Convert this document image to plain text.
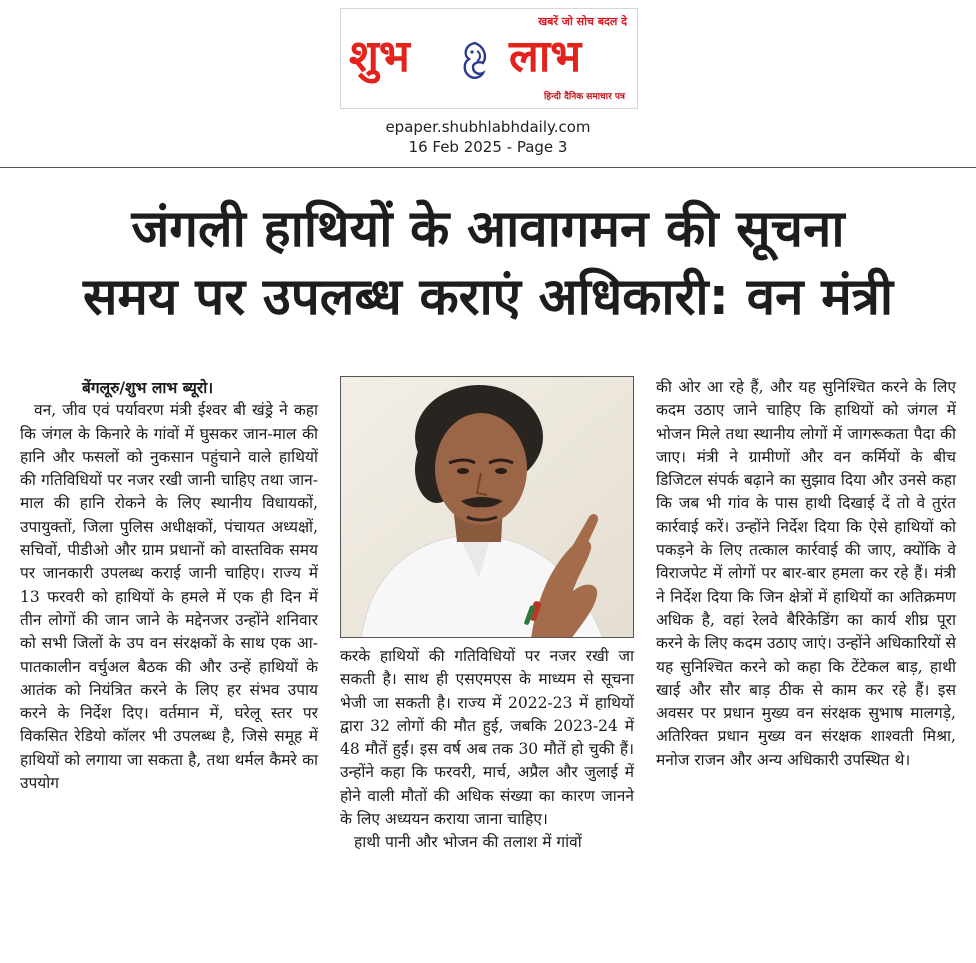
खबरें जो सोच बदल दे
शुभ लाभ
हिन्दी दैनिक समाचार पत्र
epaper.shubhlabhdaily.com
16 Feb 2025 - Page 3
जंगली हाथियों के आवागमन की सूचना
समय पर उपलब्ध कराएं अधिकारी: वन मंत्री

बेंगलूरु/शुभ लाभ ब्यूरो।

वन, जीव एवं पर्यावरण मंत्री ईश्वर बी खंड्रे ने कहा कि जंगल के किनारे के गांवों में घुसकर जान-माल की हानि और फसलों को नुकसान पहुंचाने वाले हाथियों की गतिविधियों पर नजर रखी जानी चाहिए तथा जान-माल की हानि रोकने के लिए स्थानीय विधायकों, उपायुक्तों, जिला पुलिस अधीक्षकों, पंचायत अध्यक्षों, सचिवों, पीडीओ और ग्राम प्रधानों को वास्तविक समय पर जानकारी उपलब्ध कराई जानी चाहिए। राज्य में 13 फरवरी को हाथियों के हमले में एक ही दिन में तीन लोगों की जान जाने के मद्देनजर उन्होंने शनिवार को सभी जिलों के उप वन संरक्षकों के साथ एक आ-पातकालीन वर्चुअल बैठक की और उन्हें हाथियों के आतंक को नियंत्रित करने के लिए हर संभव उपाय करने के निर्देश दिए। वर्तमान में, घरेलू स्तर पर विकसित रेडियो कॉलर भी उपलब्ध है, जिसे समूह में हाथियों को लगाया जा सकता है, तथा थर्मल कैमरे का उपयोग

करके हाथियों की गतिविधियों पर नजर रखी जा सकती है। साथ ही एसएमएस के माध्यम से सूचना भेजी जा सकती है। राज्य में 2022-23 में हाथियों द्वारा 32 लोगों की मौत हुई, जबकि 2023-24 में 48 मौतें हुईं। इस वर्ष अब तक 30 मौतें हो चुकी हैं। उन्होंने कहा कि फरवरी, मार्च, अप्रैल और जुलाई में होने वाली मौतों की अधिक संख्या का कारण जानने के लिए अध्ययन कराया जाना चाहिए।

हाथी पानी और भोजन की तलाश में गांवों

की ओर आ रहे हैं, और यह सुनिश्चित करने के लिए कदम उठाए जाने चाहिए कि हाथियों को जंगल में भोजन मिले तथा स्थानीय लोगों में जागरूकता पैदा की जाए। मंत्री ने ग्रामीणों और वन कर्मियों के बीच डिजिटल संपर्क बढ़ाने का सुझाव दिया और उनसे कहा कि जब भी गांव के पास हाथी दिखाई दें तो वे तुरंत कार्रवाई करें। उन्होंने निर्देश दिया कि ऐसे हाथियों को पकड़ने के लिए तत्काल कार्रवाई की जाए, क्योंकि वे विराजपेट में लोगों पर बार-बार हमला कर रहे हैं। मंत्री ने निर्देश दिया कि जिन क्षेत्रों में हाथियों का अतिक्रमण अधिक है, वहां रेलवे बैरिकेडिंग का कार्य शीघ्र पूरा करने के लिए कदम उठाए जाएं। उन्होंने अधिकारियों से यह सुनिश्चित करने को कहा कि टेंटेकल बाड़, हाथी खाई और सौर बाड़ ठीक से काम कर रहे हैं। इस अवसर पर प्रधान मुख्य वन संरक्षक सुभाष मालगड़े, अतिरिक्त प्रधान मुख्य वन संरक्षक शाश्वती मिश्रा, मनोज राजन और अन्य अधिकारी उपस्थित थे।
